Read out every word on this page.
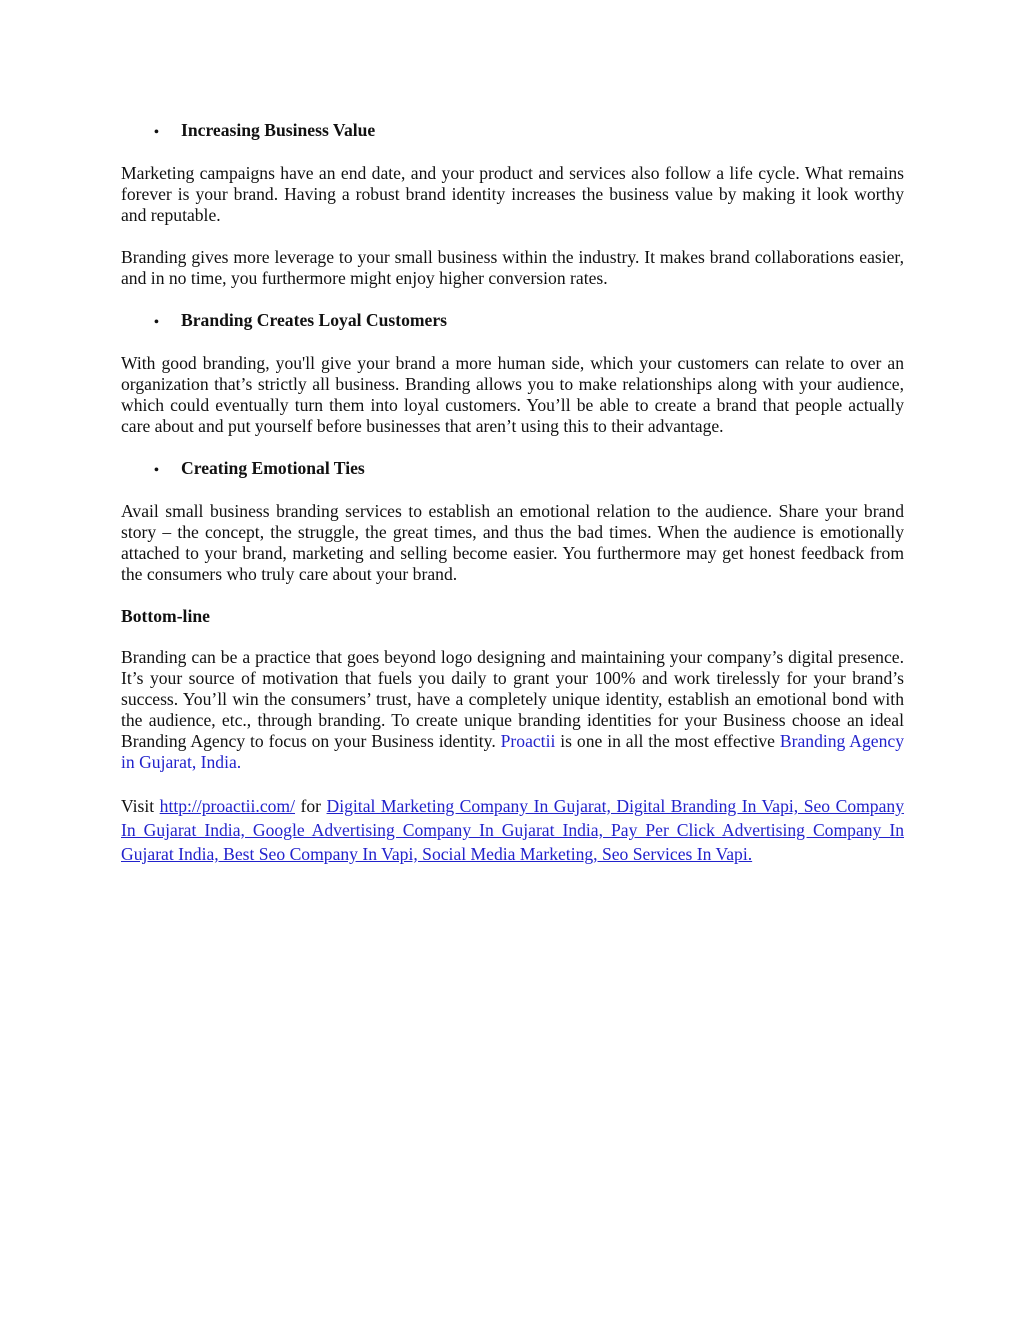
•	Increasing Business Value

Marketing campaigns have an end date, and your product and services also follow a life cycle. What remains forever is your brand. Having a robust brand identity increases the business value by making it look worthy and reputable.

Branding gives more leverage to your small business within the industry. It makes brand collaborations easier, and in no time, you furthermore might enjoy higher conversion rates.

•	Branding Creates Loyal Customers

With good branding, you'll give your brand a more human side, which your customers can relate to over an organization that’s strictly all business. Branding allows you to make relationships along with your audience, which could eventually turn them into loyal customers. You’ll be able to create a brand that people actually care about and put yourself before businesses that aren’t using this to their advantage.

•	Creating Emotional Ties

Avail small business branding services to establish an emotional relation to the audience. Share your brand story – the concept, the struggle, the great times, and thus the bad times. When the audience is emotionally attached to your brand, marketing and selling become easier. You furthermore may get honest feedback from the consumers who truly care about your brand.

Bottom-line

Branding can be a practice that goes beyond logo designing and maintaining your company’s digital presence. It’s your source of motivation that fuels you daily to grant your 100% and work tirelessly for your brand’s success. You’ll win the consumers’ trust, have a completely unique identity, establish an emotional bond with the audience, etc., through branding. To create unique branding identities for your Business choose an ideal Branding Agency to focus on your Business identity. Proactii is one in all the most effective Branding Agency in Gujarat, India.

Visit http://proactii.com/ for Digital Marketing Company In Gujarat, Digital Branding In Vapi, Seo Company In Gujarat India, Google Advertising Company In Gujarat India, Pay Per Click Advertising Company In Gujarat India, Best Seo Company In Vapi, Social Media Marketing, Seo Services In Vapi.
